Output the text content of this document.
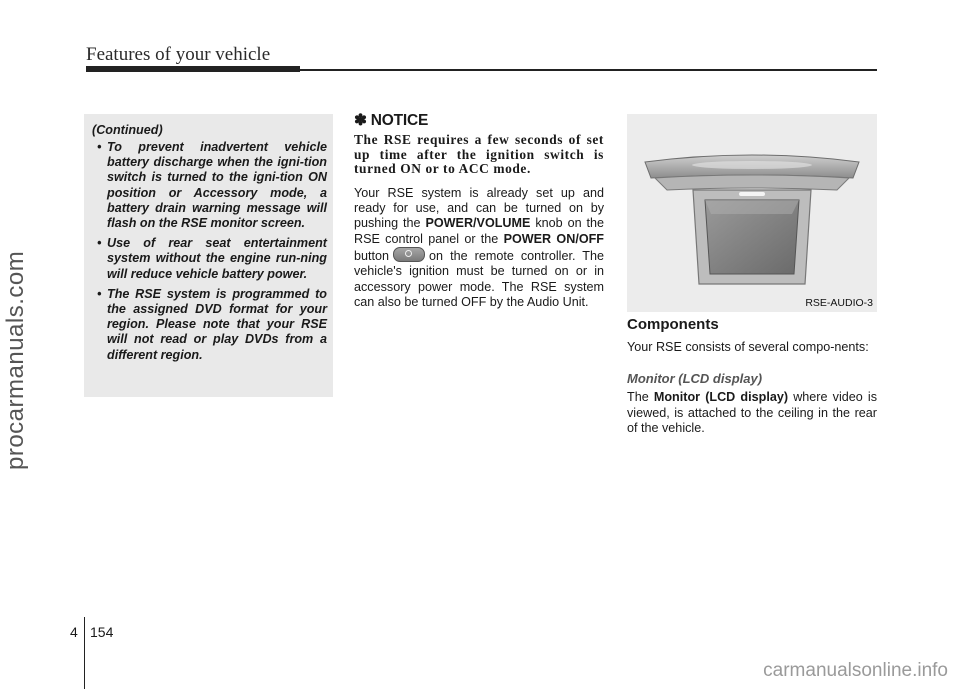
Features of your vehicle
procarmanuals.com

(Continued)

• To prevent inadvertent vehicle battery discharge when the igni-tion switch is turned to the igni-tion ON position or Accessory mode, a battery drain warning message will flash on the RSE monitor screen.
• Use of rear seat entertainment system without the engine run-ning will reduce vehicle battery power.
• The RSE system is programmed to the assigned DVD format for your region. Please note that your RSE will not read or play DVDs from a different region.
✽ NOTICE

The RSE requires a few seconds of set up time after the ignition switch is turned ON or to ACC mode.

Your RSE system is already set up and ready for use, and can be turned on by pushing the POWER/VOLUME knob on the RSE control panel or the POWER ON/OFF button	on the remote controller. The vehicle's ignition must be turned on or in accessory power mode. The RSE system can also be turned OFF by the Audio Unit.	RSE-AUDIO-3
Components

Your RSE consists of several compo-nents:

Monitor (LCD display)

The Monitor (LCD display) where video is viewed, is attached to the ceiling in the rear of the vehicle.

4 154
carmanualsonline.info
